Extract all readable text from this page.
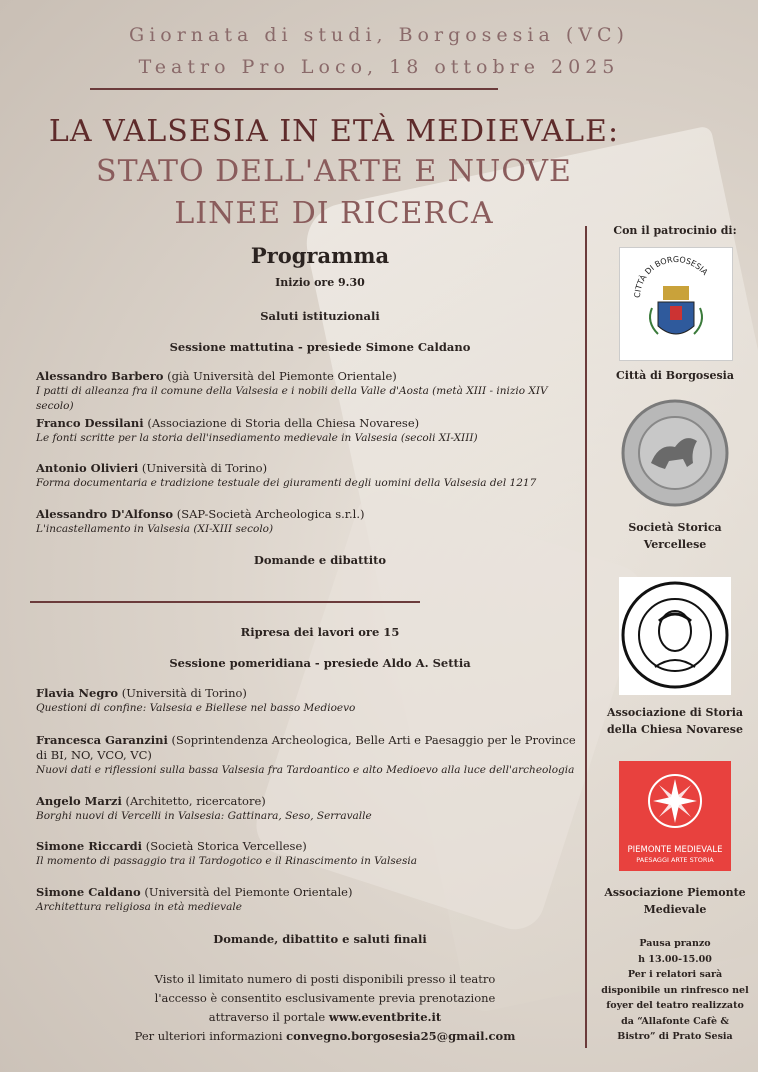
Giornata di studi, Borgosesia (VC)
Teatro Pro Loco, 18 ottobre 2025
LA VALSESIA IN ETÀ MEDIEVALE:
STATO DELL'ARTE E NUOVE
LINEE DI RICERCA
Programma
Inizio ore 9.30
Saluti istituzionali
Sessione mattutina - presiede Simone Caldano
Alessandro Barbero (già Università del Piemonte Orientale)
I patti di alleanza fra il comune della Valsesia e i nobili della Valle d'Aosta (metà XIII - inizio XIV secolo)
Franco Dessilani (Associazione di Storia della Chiesa Novarese)
Le fonti scritte per la storia dell'insediamento medievale in Valsesia (secoli XI-XIII)
Antonio Olivieri (Università di Torino)
Forma documentaria e tradizione testuale dei giuramenti degli uomini della Valsesia del 1217
Alessandro D'Alfonso (SAP-Società Archeologica s.r.l.)
L'incastellamento in Valsesia (XI-XIII secolo)
Domande e dibattito
Ripresa dei lavori ore 15
Sessione pomeridiana - presiede Aldo A. Settia
Flavia Negro (Università di Torino)
Questioni di confine: Valsesia e Biellese nel basso Medioevo
Francesca Garanzini (Soprintendenza Archeologica, Belle Arti e Paesaggio per le Province di BI, NO, VCO, VC)
Nuovi dati e riflessioni sulla bassa Valsesia fra Tardoantico e alto Medioevo alla luce dell'archeologia
Angelo Marzi (Architetto, ricercatore)
Borghi nuovi di Vercelli in Valsesia: Gattinara, Seso, Serravalle
Simone Riccardi (Società Storica Vercellese)
Il momento di passaggio tra il Tardogotico e il Rinascimento in Valsesia
Simone Caldano (Università del Piemonte Orientale)
Architettura religiosa in età medievale
Domande, dibattito e saluti finali
Visto il limitato numero di posti disponibili presso il teatro
l'accesso è consentito esclusivamente previa prenotazione
attraverso il portale www.eventbrite.it
Per ulteriori informazioni convegno.borgosesia25@gmail.com
Con il patrocinio di:
CITTÀ DI BORGOSESIA
Città di Borgosesia
Società Storica
Vercellese
Associazione di Storia
della Chiesa Novarese
PIEMONTE MEDIEVALE
PAESAGGI ARTE STORIA
Associazione Piemonte
Medievale
Pausa pranzo
h 13.00-15.00
Per i relatori sarà
disponibile un rinfresco nel
foyer del teatro realizzato
da “Allafonte Cafè &
Bistro” di Prato Sesia
